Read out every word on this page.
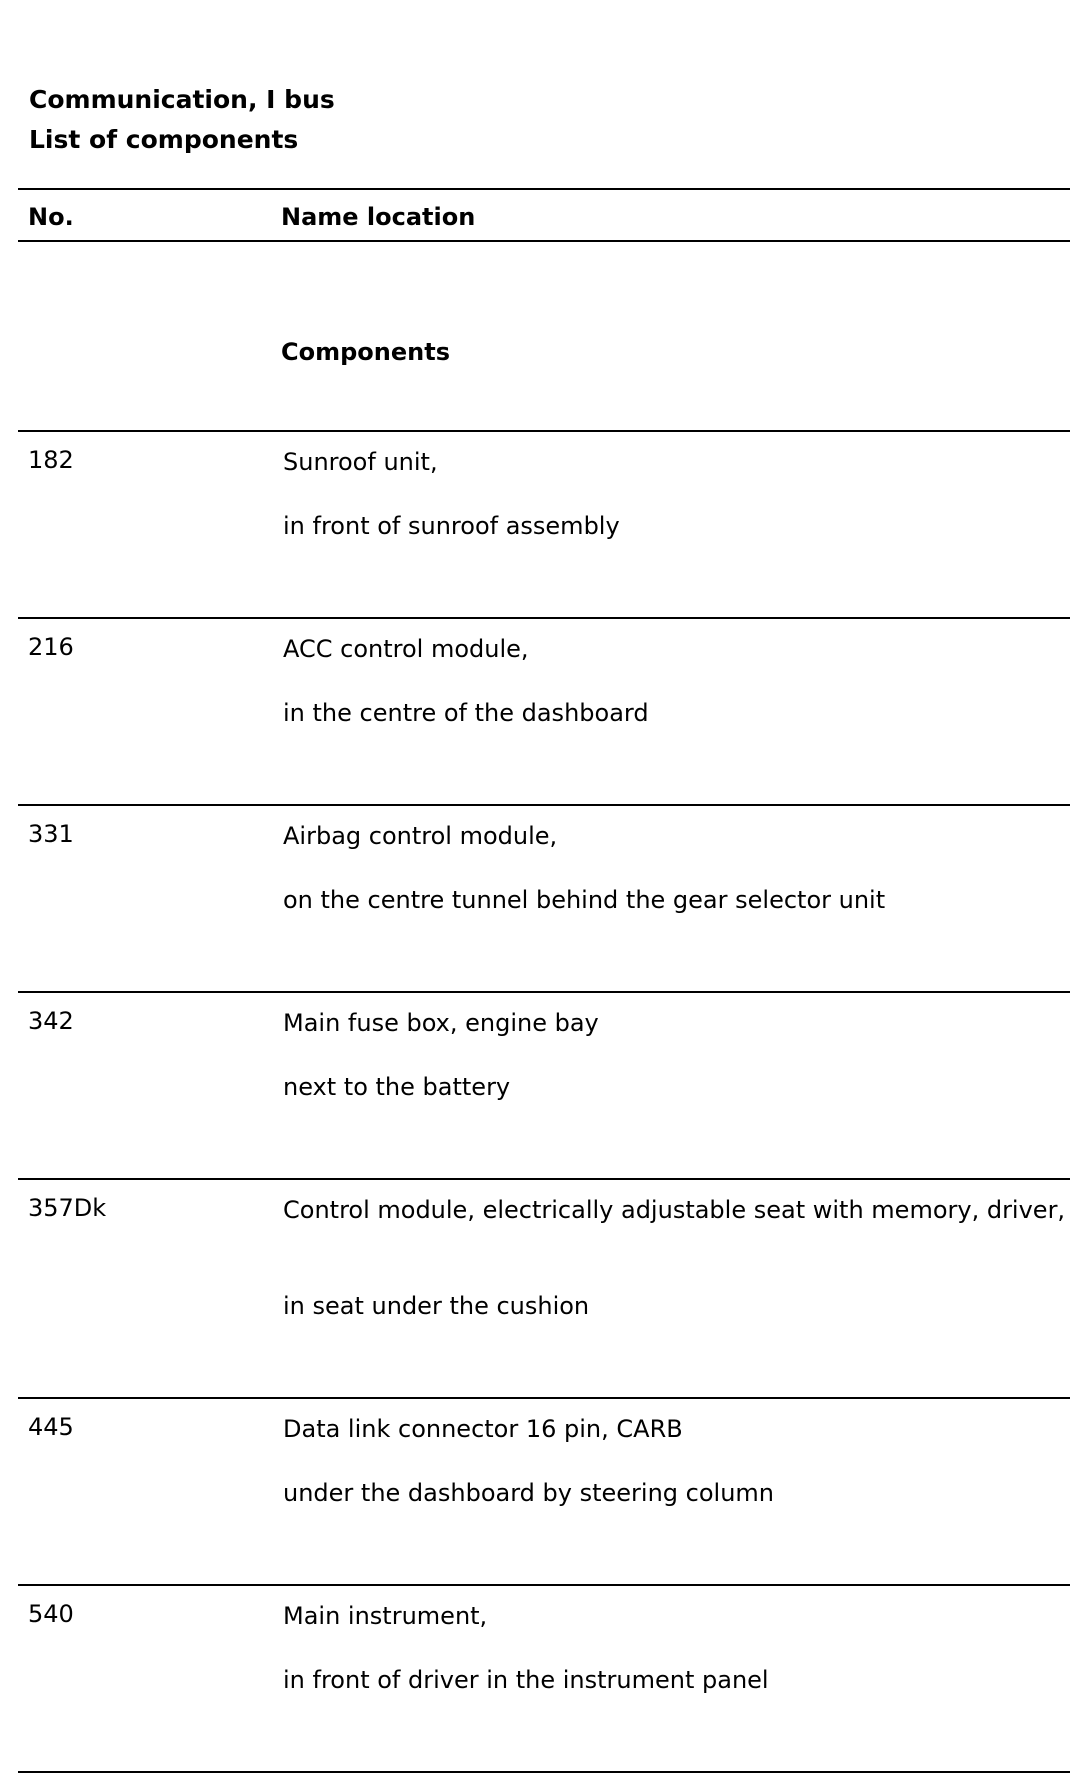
Communication, I bus
List of components
No.	Name location
Components
182	Sunroof unit,
in front of sunroof assembly
216	ACC control module,
in the centre of the dashboard
331	Airbag control module,
on the centre tunnel behind the gear selector unit
342	Main fuse box, engine bay
next to the battery
357Dk	Control module, electrically adjustable seat with memory, driver,
in seat under the cushion
445	Data link connector 16 pin, CARB
under the dashboard by steering column
540	Main instrument,
in front of driver in the instrument panel
